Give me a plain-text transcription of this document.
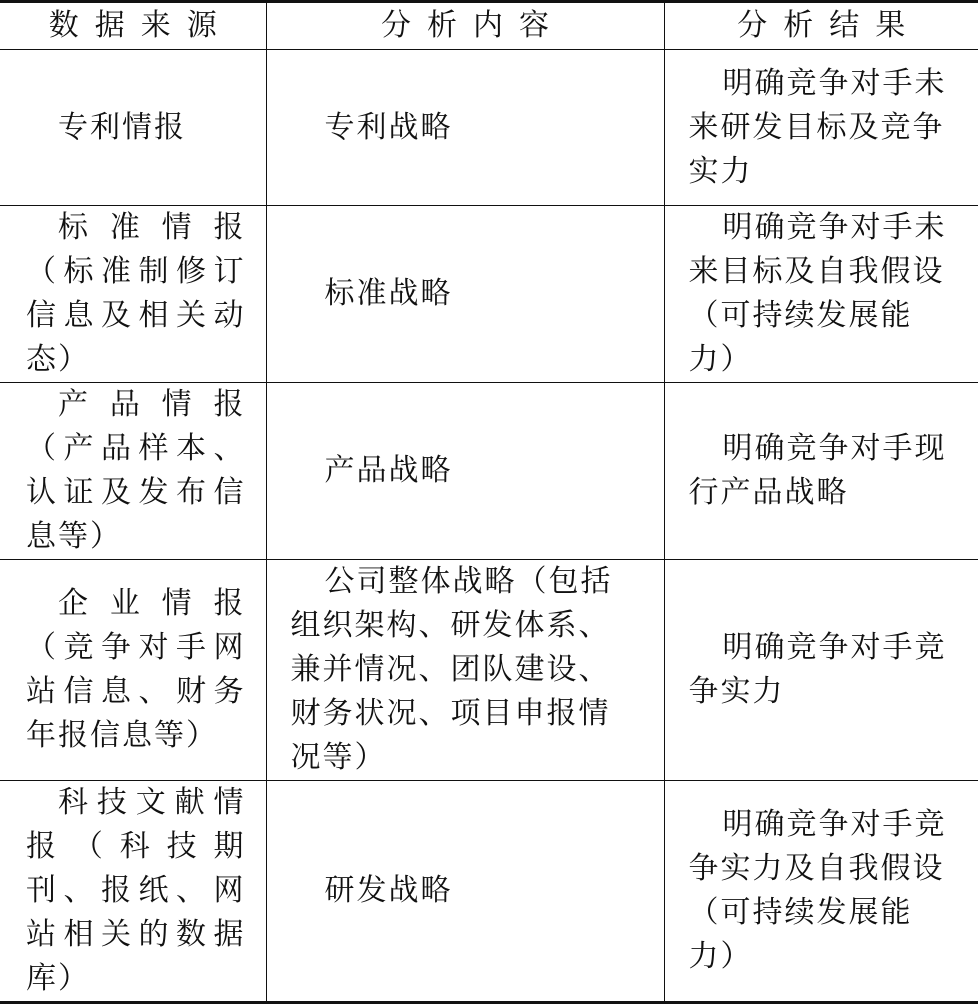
数据来源	分析内容	分析结果
专利情报	专利战略	明确竞争对手未来研发目标及竞争实力
标准情报（标准制修订信息及相关动态）	标准战略	明确竞争对手未来目标及自我假设（可持续发展能力）
产品情报（产品样本、认证及发布信息等）	产品战略	明确竞争对手现行产品战略
企业情报（竞争对手网站信息、财务年报信息等）	公司整体战略（包括组织架构、研发体系、兼并情况、团队建设、财务状况、项目申报情况等）	明确竞争对手竞争实力
科技文献情报（科技期刊、报纸、网站相关的数据库）	研发战略	明确竞争对手竞争实力及自我假设（可持续发展能力）
